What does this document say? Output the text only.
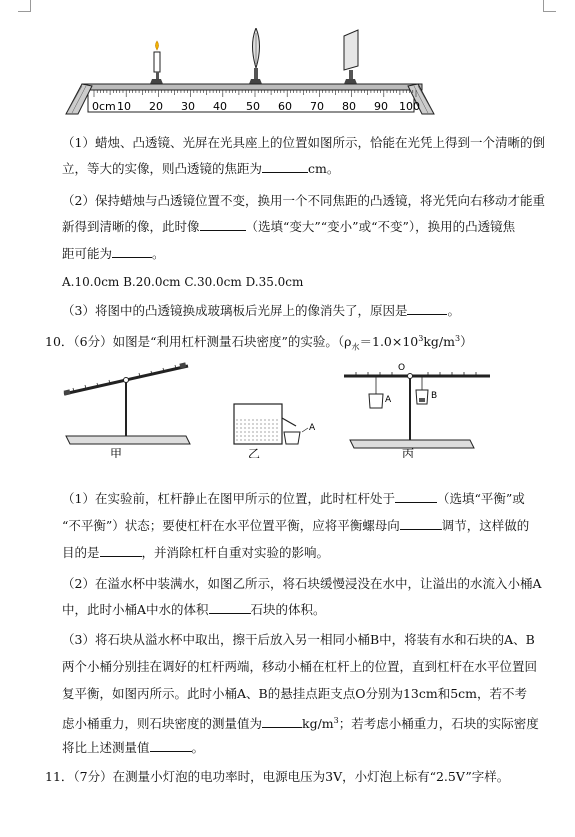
0cm 10 20 30 40 50 60 70 80 90 100
（1）蜡烛、凸透镜、光屏在光具座上的位置如图所示，恰能在光凭上得到一个清晰的倒
立，等大的实像，则凸透镜的焦距为	cm。
（2）保持蜡烛与凸透镜位置不变，换用一个不同焦距的凸透镜，将光凭向右移动才能重
新得到清晰的像，此时像	（选填“变大”“变小”或“不变”），换用的凸透镜焦
距可能为	。
A.10.0cm B.20.0cm C.30.0cm D.35.0cm
（3）将图中的凸透镜换成玻璃板后光屏上的像消失了，原因是	。
10．（6分）如图是“利用杠杆测量石块密度”的实验。$(\rho_水=1.0\times 10^3kg/m^3)$
甲
A
乙
O
A	B
丙
（1）在实验前，杠杆静止在图甲所示的位置，此时杠杆处于	（选填“平衡”或
“不平衡”）状态；要使杠杆在水平位置平衡，应将平衡螺母向	调节，这样做的
目的是	，并消除杠杆自重对实验的影响。
（2）在溢水杯中装满水，如图乙所示，将石块缓慢浸没在水中，让溢出的水流入小桶A
中，此时小桶A中水的体积	石块的体积。
（3）将石块从溢水杯中取出，擦干后放入另一相同小桶B中，将装有水和石块的A、B
两个小桶分别挂在调好的杠杆两端，移动小桶在杠杆上的位置，直到杠杆在水平位置回
复平衡，如图丙所示。此时小桶A、B的悬挂点距支点O分别为13cm和5cm，若不考
虑小桶重力，则石块密度的测量值为	$kg/m^3$；若考虑小桶重力，石块的实际密度
将比上述测量值	。
11．（7分）在测量小灯泡的电功率时，电源电压为3V，小灯泡上标有“2.5V”字样。
